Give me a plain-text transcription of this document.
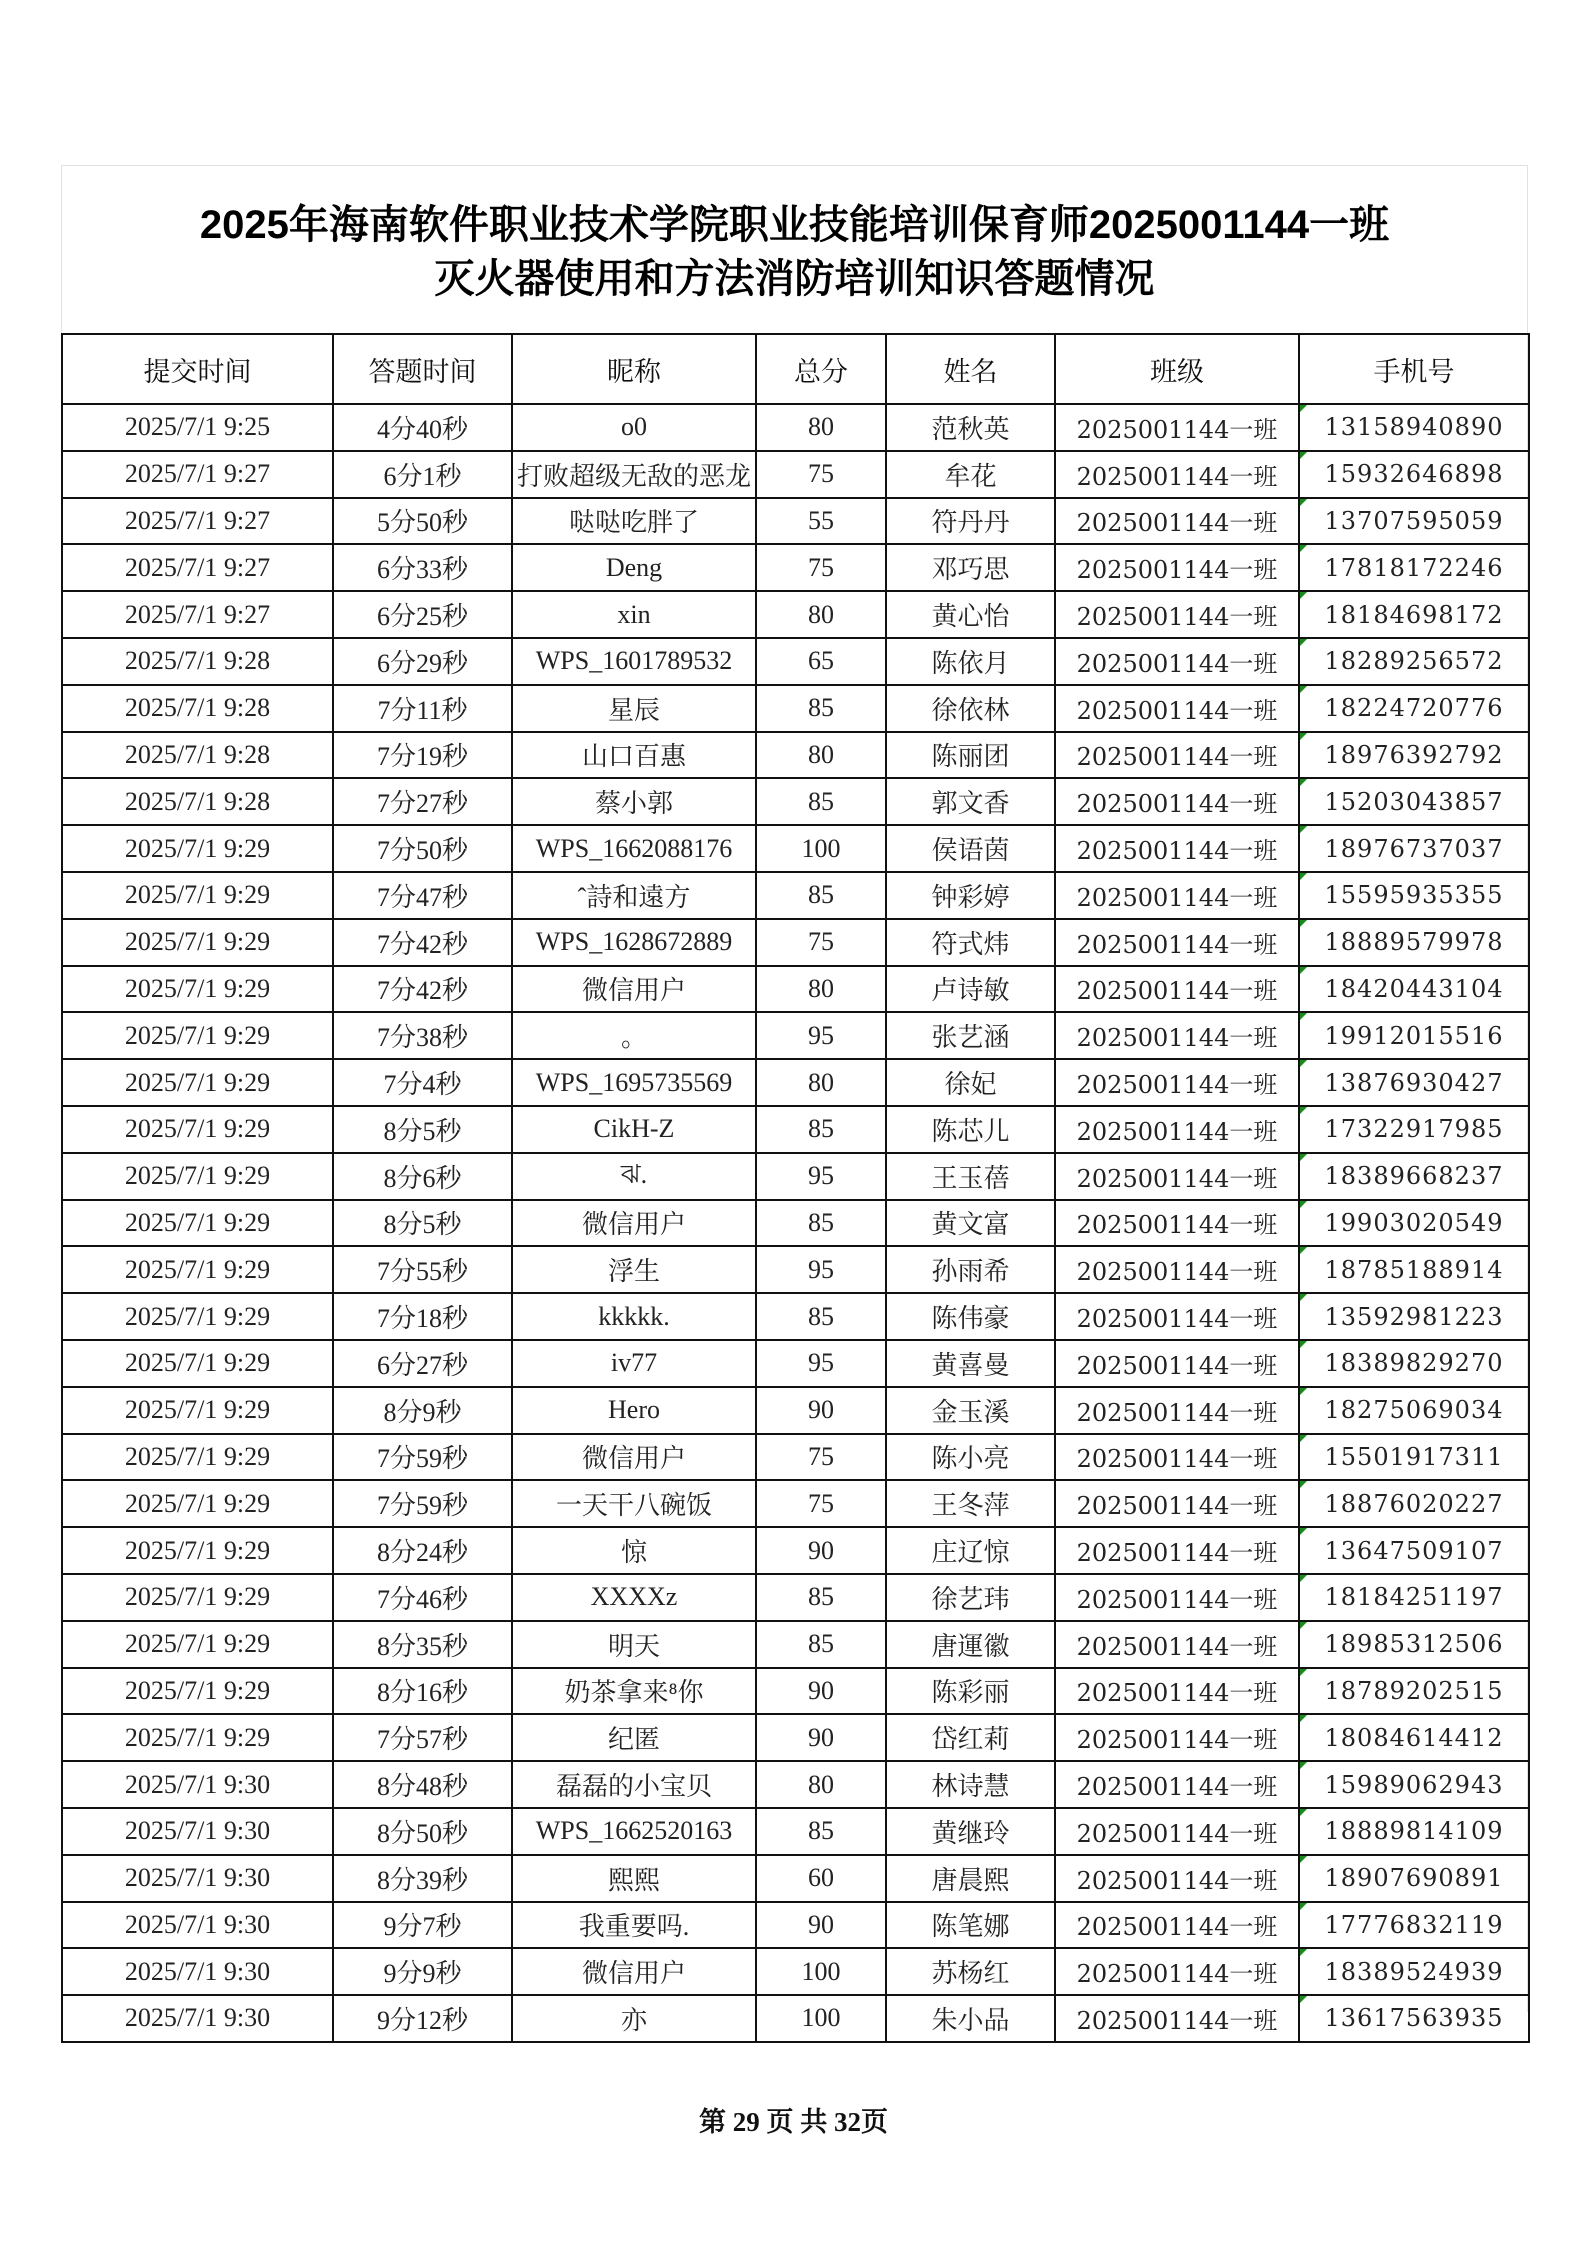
2025年海南软件职业技术学院职业技能培训保育师2025001144一班
灭火器使用和方法消防培训知识答题情况
提交时间	答题时间	昵称	总分	姓名	班级	手机号
2025/7/1 9:25	4分40秒	o0	80	范秋英	2025001144一班	13158940890
2025/7/1 9:27	6分1秒	打败超级无敌的恶龙	75	牟花	2025001144一班	15932646898
2025/7/1 9:27	5分50秒	哒哒吃胖了	55	符丹丹	2025001144一班	13707595059
2025/7/1 9:27	6分33秒	Deng	75	邓巧思	2025001144一班	17818172246
2025/7/1 9:27	6分25秒	xin	80	黄心怡	2025001144一班	18184698172
2025/7/1 9:28	6分29秒	WPS_1601789532	65	陈依月	2025001144一班	18289256572
2025/7/1 9:28	7分11秒	星辰	85	徐依林	2025001144一班	18224720776
2025/7/1 9:28	7分19秒	山口百惠	80	陈丽团	2025001144一班	18976392792
2025/7/1 9:28	7分27秒	蔡小郭	85	郭文香	2025001144一班	15203043857
2025/7/1 9:29	7分50秒	WPS_1662088176	100	侯语茵	2025001144一班	18976737037
2025/7/1 9:29	7分47秒	ˆ詩和遠方	85	钟彩婷	2025001144一班	15595935355
2025/7/1 9:29	7分42秒	WPS_1628672889	75	符式炜	2025001144一班	18889579978
2025/7/1 9:29	7分42秒	微信用户	80	卢诗敏	2025001144一班	18420443104
2025/7/1 9:29	7分38秒	。	95	张艺涵	2025001144一班	19912015516
2025/7/1 9:29	7分4秒	WPS_1695735569	80	徐妃	2025001144一班	13876930427
2025/7/1 9:29	8分5秒	CikH-Z	85	陈芯儿	2025001144一班	17322917985
2025/7/1 9:29	8分6秒	ঝ.	95	王玉蓓	2025001144一班	18389668237
2025/7/1 9:29	8分5秒	微信用户	85	黄文富	2025001144一班	19903020549
2025/7/1 9:29	7分55秒	浮生	95	孙雨希	2025001144一班	18785188914
2025/7/1 9:29	7分18秒	kkkkk.	85	陈伟豪	2025001144一班	13592981223
2025/7/1 9:29	6分27秒	iv77	95	黄喜曼	2025001144一班	18389829270
2025/7/1 9:29	8分9秒	Hero	90	金玉溪	2025001144一班	18275069034
2025/7/1 9:29	7分59秒	微信用户	75	陈小亮	2025001144一班	15501917311
2025/7/1 9:29	7分59秒	一天干八碗饭	75	王冬萍	2025001144一班	18876020227
2025/7/1 9:29	8分24秒	惊	90	庄辽惊	2025001144一班	13647509107
2025/7/1 9:29	7分46秒	XXXXz	85	徐艺玮	2025001144一班	18184251197
2025/7/1 9:29	8分35秒	明天	85	唐運徽	2025001144一班	18985312506
2025/7/1 9:29	8分16秒	奶茶拿来⁸你	90	陈彩丽	2025001144一班	18789202515
2025/7/1 9:29	7分57秒	纪匿	90	岱红莉	2025001144一班	18084614412
2025/7/1 9:30	8分48秒	磊磊的小宝贝	80	林诗慧	2025001144一班	15989062943
2025/7/1 9:30	8分50秒	WPS_1662520163	85	黄继玲	2025001144一班	18889814109
2025/7/1 9:30	8分39秒	熙熙	60	唐晨熙	2025001144一班	18907690891
2025/7/1 9:30	9分7秒	我重要吗.	90	陈笔娜	2025001144一班	17776832119
2025/7/1 9:30	9分9秒	微信用户	100	苏杨红	2025001144一班	18389524939
2025/7/1 9:30	9分12秒	亦	100	朱小品	2025001144一班	13617563935
第 29 页 共 32页
